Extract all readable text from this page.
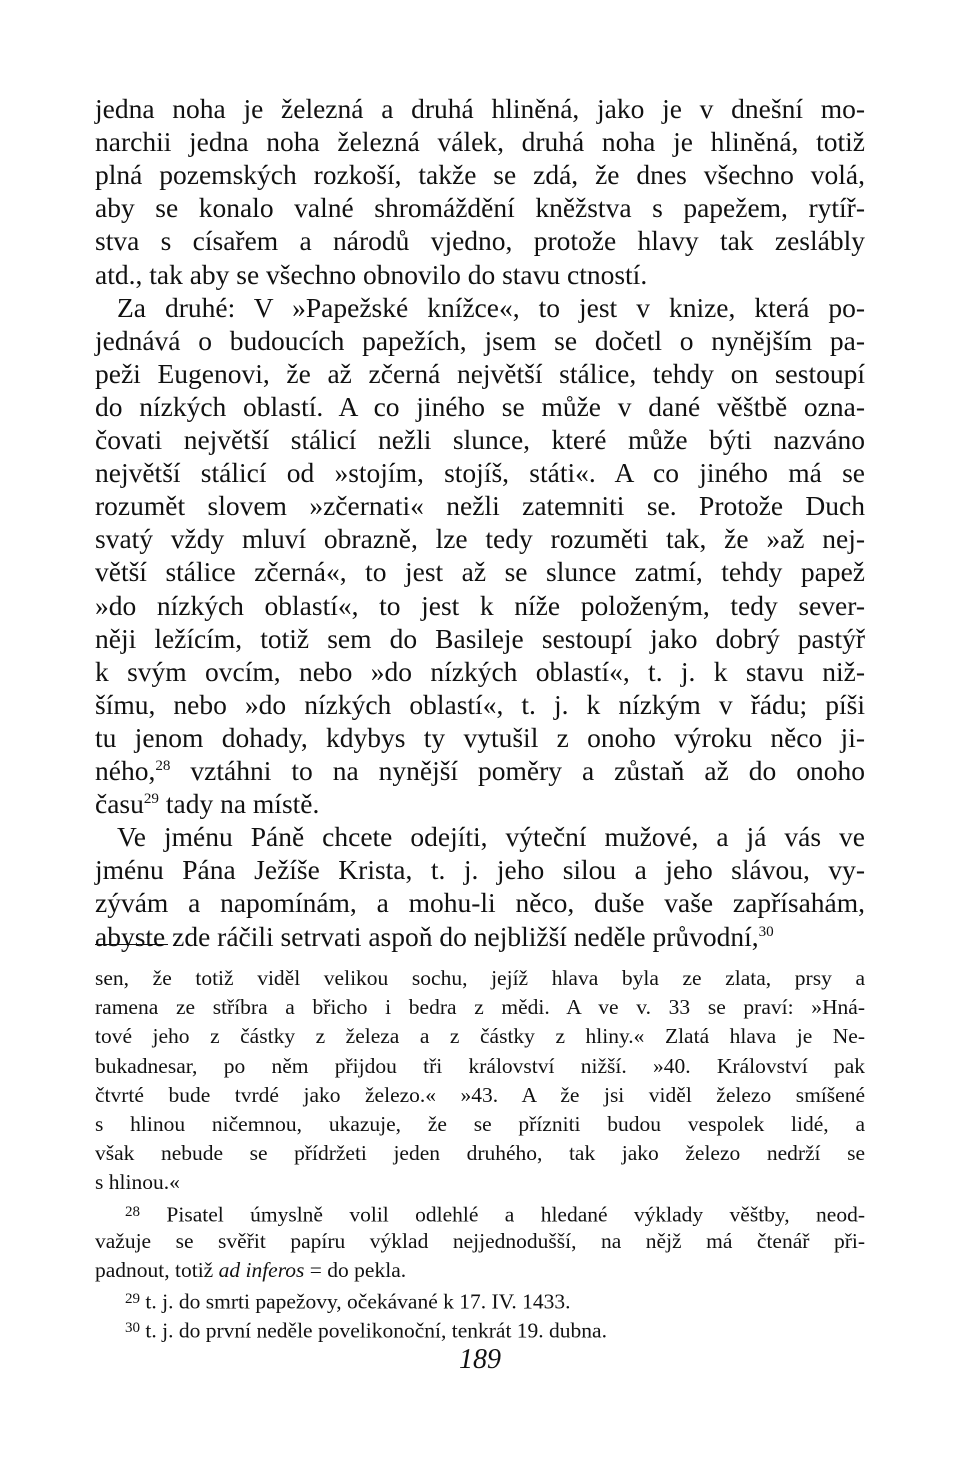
jedna noha je železná a druhá hliněná, jako je v dnešní mo-
narchii jedna noha železná válek, druhá noha je hliněná, totiž
plná pozemských rozkoší, takže se zdá, že dnes všechno volá,
aby se konalo valné shromáždění kněžstva s papežem, rytíř-
stva s císařem a národů vjedno, protože hlavy tak zeslábly
atd., tak aby se všechno obnovilo do stavu ctností.
Za druhé: V »Papežské knížce«, to jest v knize, která po-
jednává o budoucích papežích, jsem se dočetl o nynějším pa-
peži Eugenovi, že až zčerná největší stálice, tehdy on sestoupí
do nízkých oblastí. A co jiného se může v dané věštbě ozna-
čovati největší stálicí nežli slunce, které může býti nazváno
největší stálicí od »stojím, stojíš, státi«. A co jiného má se
rozumět slovem »zčernati« nežli zatemniti se. Protože Duch
svatý vždy mluví obrazně, lze tedy rozuměti tak, že »až nej-
větší stálice zčerná«, to jest až se slunce zatmí, tehdy papež
»do nízkých oblastí«, to jest k níže položeným, tedy sever-
něji ležícím, totiž sem do Basileje sestoupí jako dobrý pastýř
k svým ovcím, nebo »do nízkých oblastí«, t. j. k stavu niž-
šímu, nebo »do nízkých oblastí«, t. j. k nízkým v řádu; píši
tu jenom dohady, kdybys ty vytušil z onoho výroku něco ji-
ného,$^{28}$ vztáhni to na nynější poměry a zůstaň až do onoho
času$^{29}$ tady na místě.
Ve jménu Páně chcete odejíti, výteční mužové, a já vás ve
jménu Pána Ježíše Krista, t. j. jeho silou a jeho slávou, vy-
zývám a napomínám, a mohu-li něco, duše vaše zapřísahám,
abyste zde ráčili setrvati aspoň do nejbližší neděle průvodní,$^{30}$
sen, že totiž viděl velikou sochu, jejíž hlava byla ze zlata, prsy a
ramena ze stříbra a břicho i bedra z mědi. A ve v. 33 se praví: »Hná-
tové jeho z částky z železa a z částky z hliny.« Zlatá hlava je Ne-
bukadnesar, po něm přijdou tři království nižší. »40. Království pak
čtvrté bude tvrdé jako železo.« »43. A že jsi viděl železo smíšené
s hlinou ničemnou, ukazuje, že se přízniti budou vespolek lidé, a
však nebude se přídržeti jeden druhého, tak jako železo nedrží se
s hlinou.«
$^{28}$ Pisatel úmyslně volil odlehlé a hledané výklady věštby, neod-
važuje se svěřit papíru výklad nejjednodušší, na nějž má čtenář při-
padnout, totiž ad inferos = do pekla.
$^{29}$ t. j. do smrti papežovy, očekávané k 17. IV. 1433.
$^{30}$ t. j. do první neděle povelikonoční, tenkrát 19. dubna.
189
